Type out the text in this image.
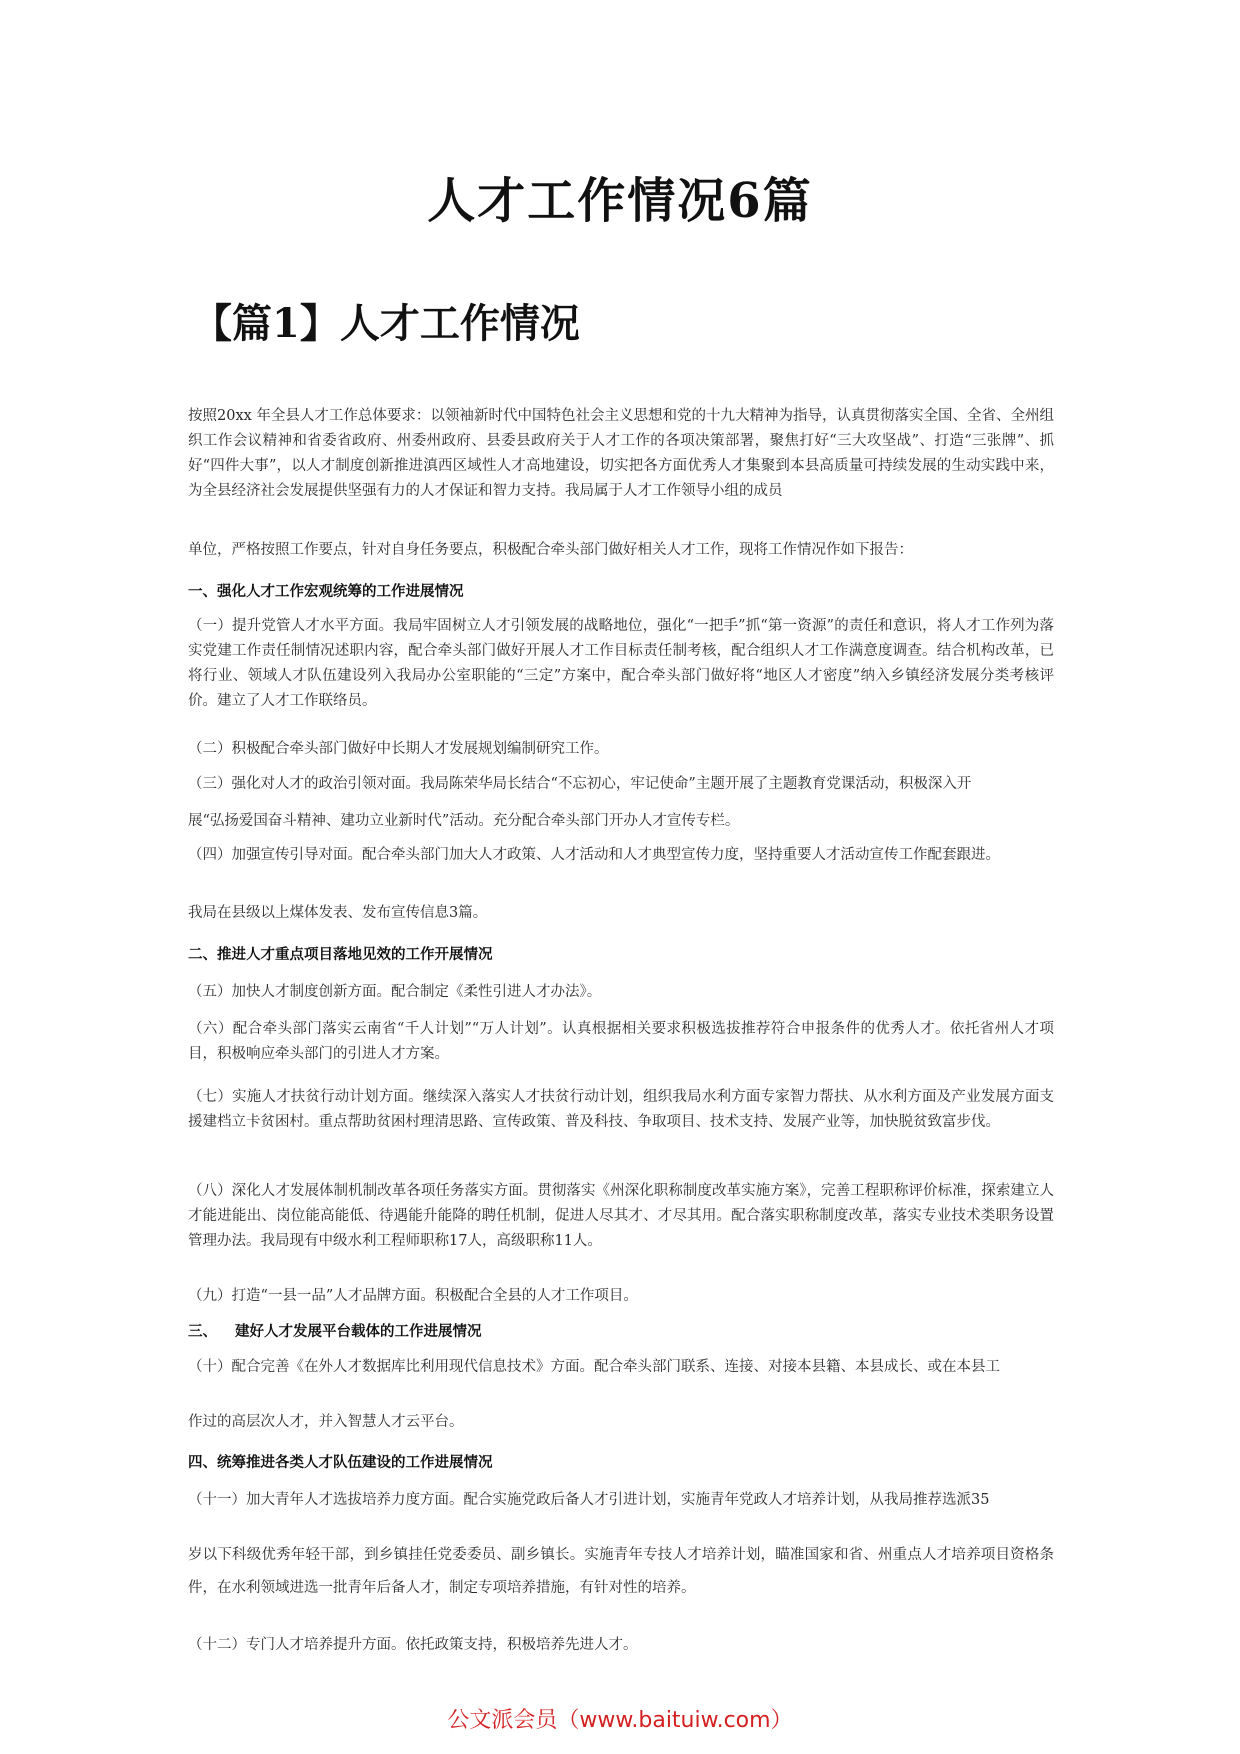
人才工作情况6篇
【篇1】人才工作情况
按照20xx 年全县人才工作总体要求：以领袖新时代中国特色社会主义思想和党的十九大精神为指导，认真贯彻落实全国、全省、全州组织工作会议精神和省委省政府、州委州政府、县委县政府关于人才工作的各项决策部署，聚焦打好“三大攻坚战”、打造“三张牌”、抓好“四件大事”，以人才制度创新推进滇西区域性人才高地建设，切实把各方面优秀人才集聚到本县高质量可持续发展的生动实践中来，为全县经济社会发展提供坚强有力的人才保证和智力支持。我局属于人才工作领导小组的成员
单位，严格按照工作要点，针对自身任务要点，积极配合牵头部门做好相关人才工作，现将工作情况作如下报告：
一、强化人才工作宏观统筹的工作进展情况
（一）提升党管人才水平方面。我局牢固树立人才引领发展的战略地位，强化“一把手”抓“第一资源”的责任和意识，将人才工作列为落实党建工作责任制情况述职内容，配合牵头部门做好开展人才工作目标责任制考核，配合组织人才工作满意度调查。结合机构改革，已将行业、领域人才队伍建设列入我局办公室职能的“三定”方案中，配合牵头部门做好将“地区人才密度”纳入乡镇经济发展分类考核评价。建立了人才工作联络员。
（二）积极配合牵头部门做好中长期人才发展规划编制研究工作。
（三）强化对人才的政治引领对面。我局陈荣华局长结合“不忘初心，牢记使命”主题开展了主题教育党课活动，积极深入开
展“弘扬爱国奋斗精神、建功立业新时代”活动。充分配合牵头部门开办人才宣传专栏。
（四）加强宣传引导对面。配合牵头部门加大人才政策、人才活动和人才典型宣传力度，坚持重要人才活动宣传工作配套跟进。
我局在县级以上煤体发表、发布宣传信息3篇。
二、推进人才重点项目落地见效的工作开展情况
（五）加快人才制度创新方面。配合制定《柔性引进人才办法》。
（六）配合牵头部门落实云南省“千人计划”“万人计划”。认真根据相关要求积极选拔推荐符合申报条件的优秀人才。依托省州人才项目，积极响应牵头部门的引进人才方案。
（七）实施人才扶贫行动计划方面。继续深入落实人才扶贫行动计划，组织我局水利方面专家智力帮扶、从水利方面及产业发展方面支援建档立卡贫困村。重点帮助贫困村理清思路、宣传政策、普及科技、争取项目、技术支持、发展产业等，加快脱贫致富步伐。
（八）深化人才发展体制机制改革各项任务落实方面。贯彻落实《州深化职称制度改革实施方案》，完善工程职称评价标准，探索建立人才能进能出、岗位能高能低、待遇能升能降的聘任机制，促进人尽其才、才尽其用。配合落实职称制度改革，落实专业技术类职务设置管理办法。我局现有中级水利工程师职称17人，高级职称11人。
（九）打造“一县一品”人才品牌方面。积极配合全县的人才工作项目。
三、 建好人才发展平台载体的工作进展情况
（十）配合完善《在外人才数据库比利用现代信息技术》方面。配合牵头部门联系、连接、对接本县籍、本县成长、或在本县工
作过的高层次人才，并入智慧人才云平台。
四、统筹推进各类人才队伍建设的工作进展情况
（十一）加大青年人才选拔培养力度方面。配合实施党政后备人才引进计划，实施青年党政人才培养计划，从我局推荐选派35
岁以下科级优秀年轻干部，到乡镇挂任党委委员、副乡镇长。实施青年专技人才培养计划，瞄准国家和省、州重点人才培养项目资格条件，在水利领域进选一批青年后备人才，制定专项培养措施，有针对性的培养。
（十二）专门人才培养提升方面。依托政策支持，积极培养先进人才。
公文派会员（www.baituiw.com）
